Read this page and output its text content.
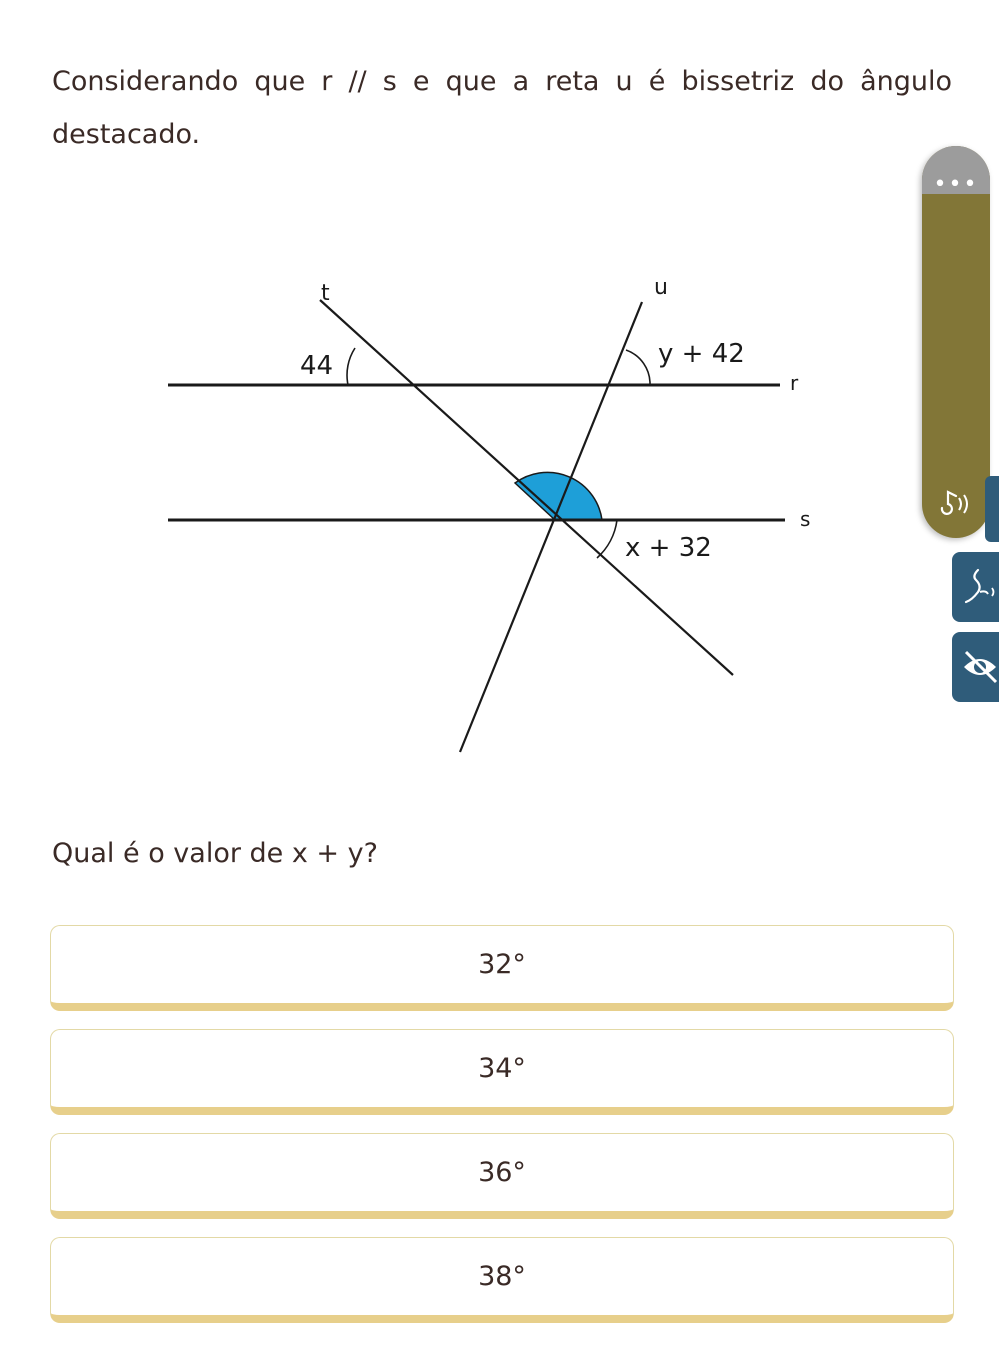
Considerando que r // s e que a reta u é bissetriz do ângulo destacado.

t	u
r
s
44	y + 42
x + 32

Qual é o valor de x + y?

32°
34°
36°
38°
•••
